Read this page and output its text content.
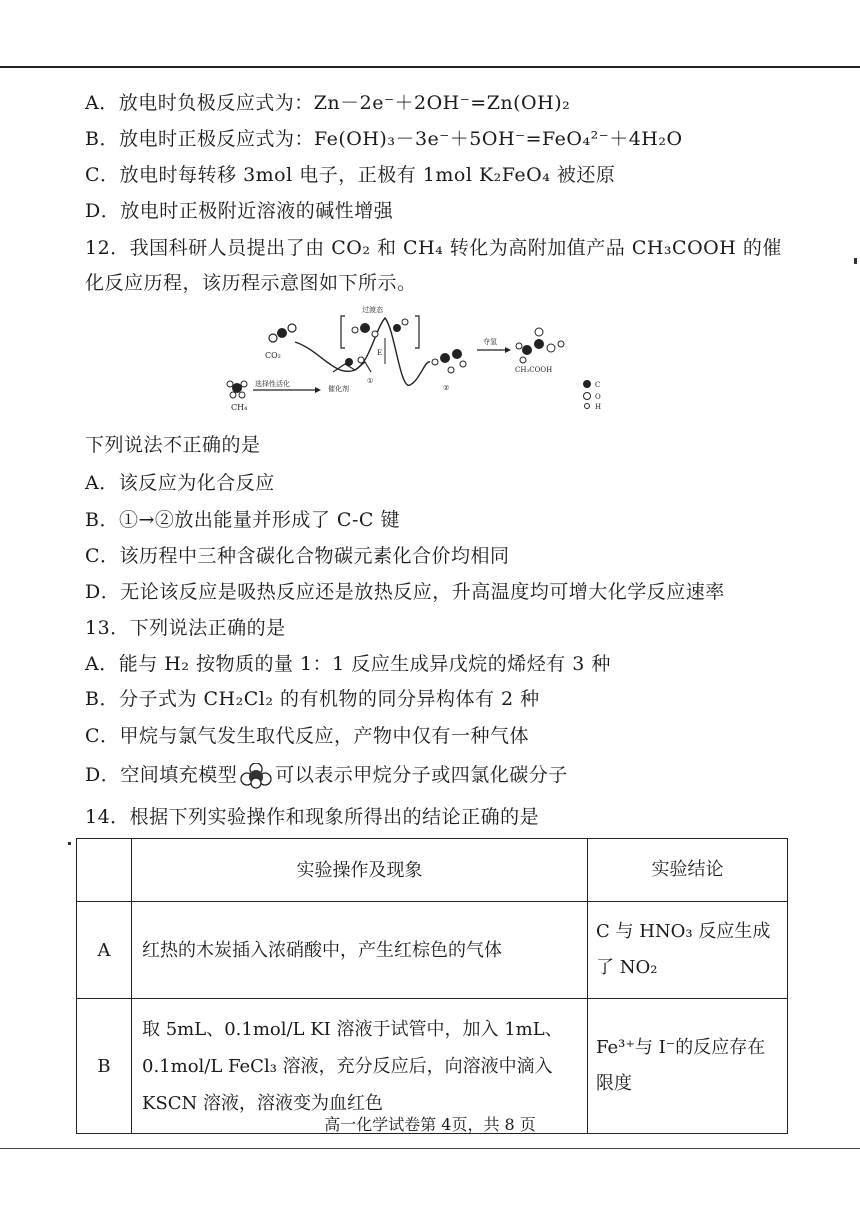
A．放电时负极反应式为：Zn－2e⁻＋2OH⁻=Zn(OH)₂
B．放电时正极反应式为：Fe(OH)₃－3e⁻＋5OH⁻=FeO₄²⁻＋4H₂O
C．放电时每转移 3mol 电子，正极有 1mol K₂FeO₄ 被还原
D．放电时正极附近溶液的碱性增强
12．我国科研人员提出了由 CO₂ 和 CH₄ 转化为高附加值产品 CH₃COOH 的催
化反应历程，该历程示意图如下所示。
CO₂
CH₄
选择性活化
催化剂
①
过渡态
E
②
夺氢
CH₃COOH
C
O
H
下列说法不正确的是
A．该反应为化合反应
B．①→②放出能量并形成了 C-C 键
C．该历程中三种含碳化合物碳元素化合价均相同
D．无论该反应是吸热反应还是放热反应，升高温度均可增大化学反应速率
13．下列说法正确的是
A．能与 H₂ 按物质的量 1：1 反应生成异戊烷的烯烃有 3 种
B．分子式为 CH₂Cl₂ 的有机物的同分异构体有 2 种
C．甲烷与氯气发生取代反应，产物中仅有一种气体
D．空间填充模型 可以表示甲烷分子或四氯化碳分子
14．根据下列实验操作和现象所得出的结论正确的是
	实验操作及现象	实验结论
A	红热的木炭插入浓硝酸中，产生红棕色的气体	C 与 HNO₃ 反应生成了 NO₂
B	取 5mL、0.1mol/L KI 溶液于试管中，加入 1mL、0.1mol/L FeCl₃ 溶液，充分反应后，向溶液中滴入 KSCN 溶液，溶液变为血红色	Fe³⁺与 I⁻的反应存在限度
高一化学试卷第 4页，共 8 页
